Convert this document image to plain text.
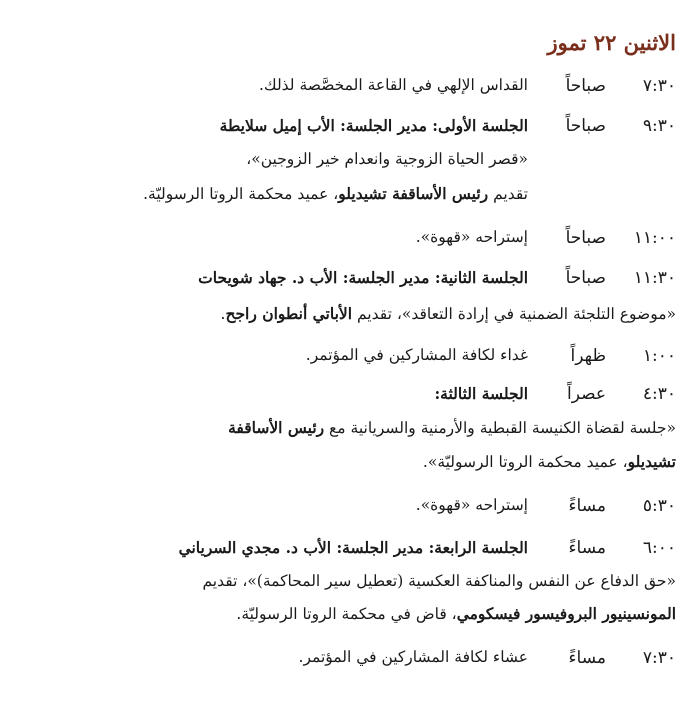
الاثنين ٢٢ تموز
٧:٣٠
صباحاً
القداس الإلهي في القاعة المخصَّصة لذلك.
٩:٣٠
صباحاً
الجلسة الأولى: مدير الجلسة: الأب إميل سلايطة
«قصر الحياة الزوجية وانعدام خير الزوجين»،
تقديم رئيس الأساقفة تشيديلو، عميد محكمة الروتا الرسوليّة.
١١:٠٠
صباحاً
إستراحه «قهوة».
١١:٣٠
صباحاً
الجلسة الثانية: مدير الجلسة: الأب د. جهاد شويحات
«موضوع التلجئة الضمنية في إرادة التعاقد»، تقديم الأباتي أنطوان راجح.
١:٠٠
ظهراً
غداء لكافة المشاركين في المؤتمر.
٤:٣٠
عصراً
الجلسة الثالثة:
«جلسة لقضاة الكنيسة القبطية والأرمنية والسريانية مع رئيس الأساقفة
تشيديلو، عميد محكمة الروتا الرسوليّة».
٥:٣٠
مساءً
إستراحه «قهوة».
٦:٠٠
مساءً
الجلسة الرابعة: مدير الجلسة: الأب د. مجدي السرياني
«حق الدفاع عن النفس والمناكفة العكسية (تعطيل سير المحاكمة)»، تقديم
المونسينيور البروفيسور فيسكومي، قاض في محكمة الروتا الرسوليّة.
٧:٣٠
مساءً
عشاء لكافة المشاركين في المؤتمر.
